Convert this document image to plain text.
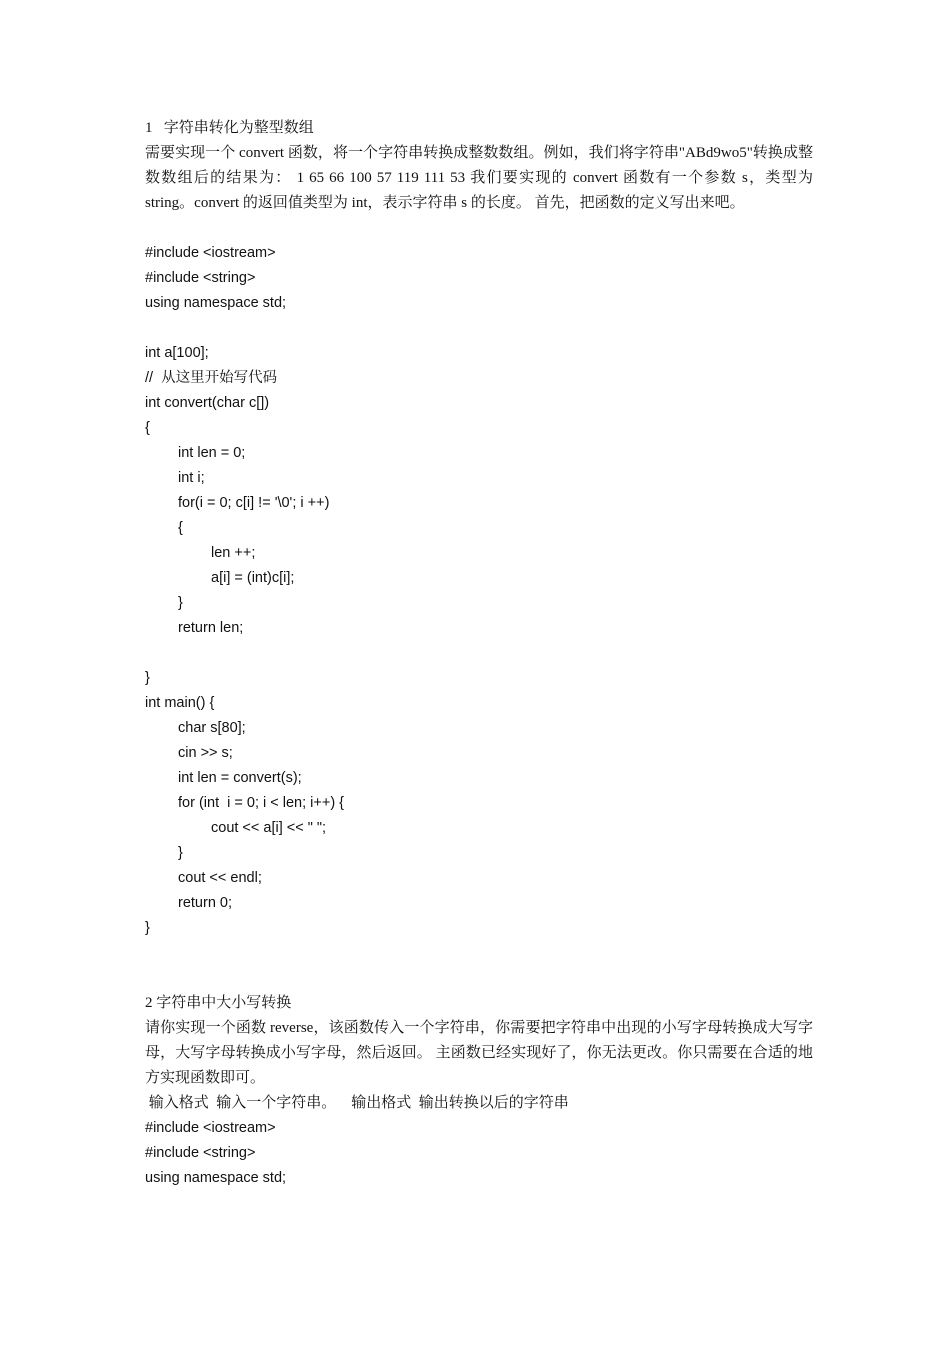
1   字符串转化为整型数组
需要实现一个 convert 函数，将一个字符串转换成整数数组。例如，我们将字符串"ABd9wo5"转换成整数数组后的结果为： 1 65 66 100 57 119 111 53 我们要实现的 convert 函数有一个参数 s，类型为 string。convert 的返回值类型为 int，表示字符串 s 的长度。 首先，把函数的定义写出来吧。
#include <iostream>
#include <string>
using namespace std;
int a[100];
//  从这里开始写代码
int convert(char c[])
{
int len = 0;
int i;
for(i = 0; c[i] != '\0'; i ++)
{
len ++;
a[i] = (int)c[i];
}
return len;
}
int main() {
char s[80];
cin >> s;
int len = convert(s);
for (int  i = 0; i < len; i++) {
cout << a[i] << " ";
}
cout << endl;
return 0;
}
2 字符串中大小写转换
请你实现一个函数 reverse，该函数传入一个字符串，你需要把字符串中出现的小写字母转换成大写字母，大写字母转换成小写字母，然后返回。 主函数已经实现好了，你无法更改。你只需要在合适的地方实现函数即可。
输入格式  输入一个字符串。    输出格式  输出转换以后的字符串
#include <iostream>
#include <string>
using namespace std;
